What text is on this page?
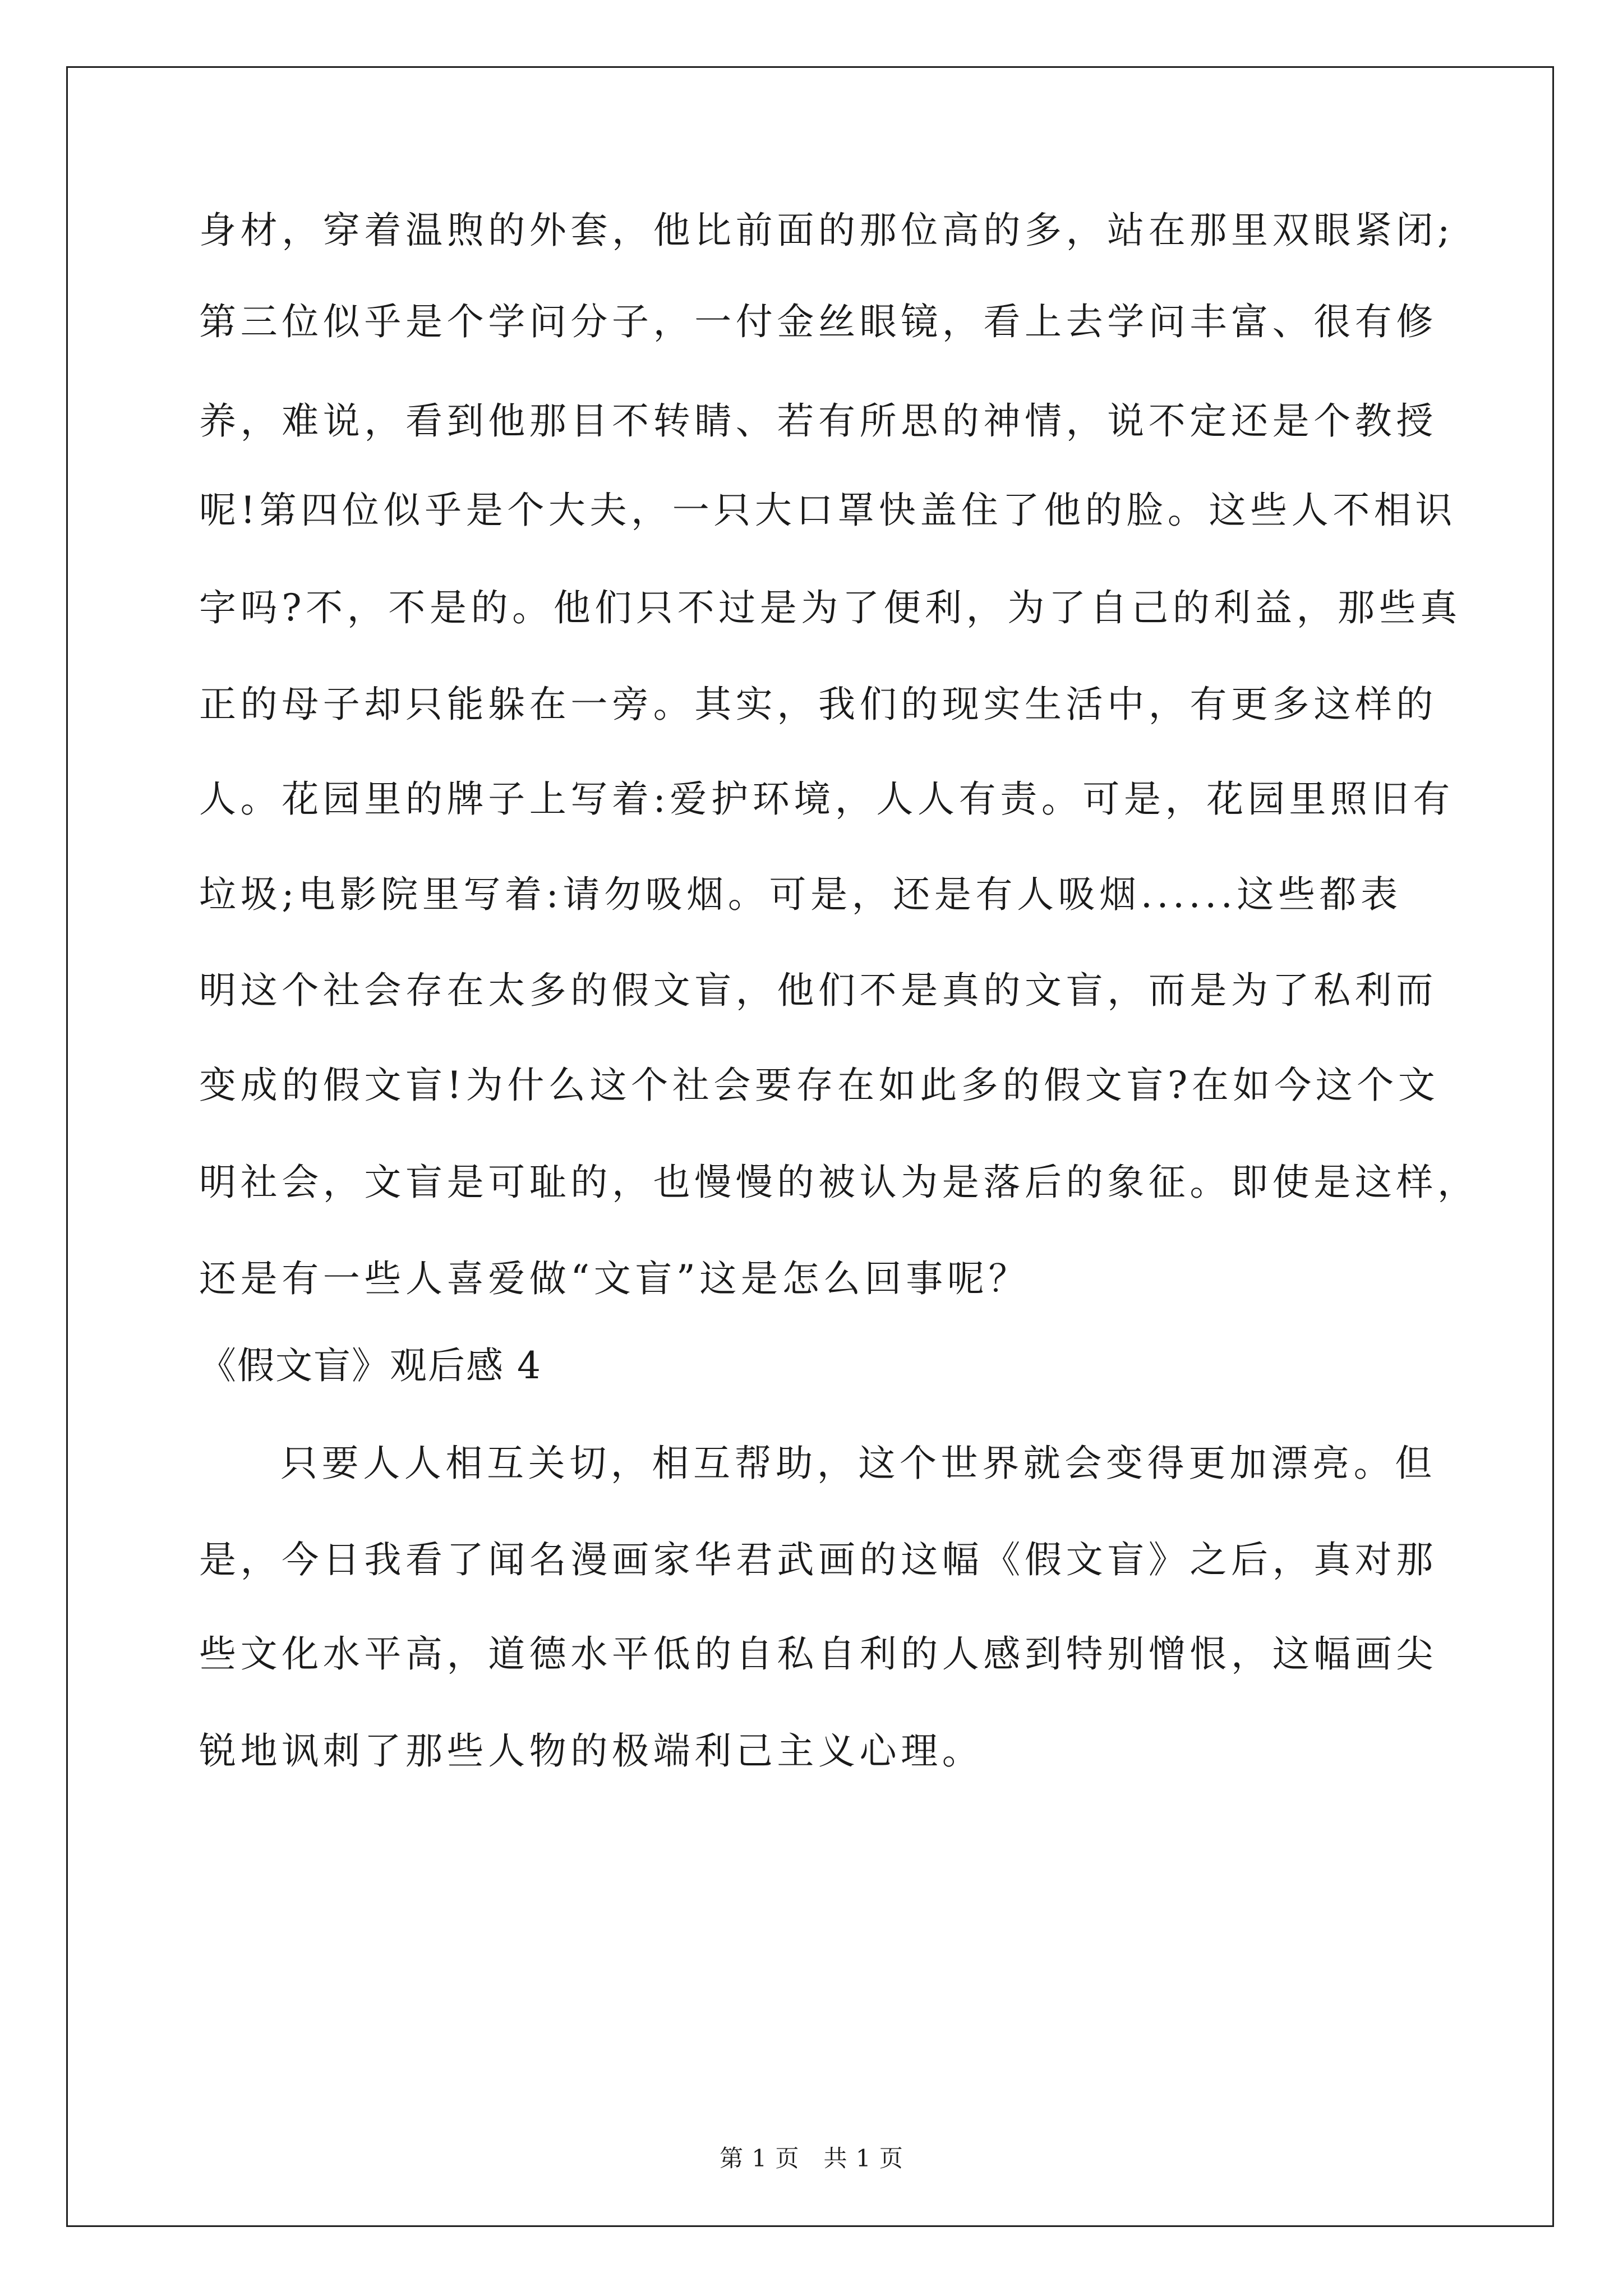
身材，穿着温煦的外套，他比前面的那位高的多，站在那里双眼紧闭;
第三位似乎是个学问分子，一付金丝眼镜，看上去学问丰富、很有修
养，难说，看到他那目不转睛、若有所思的神情，说不定还是个教授
呢!第四位似乎是个大夫，一只大口罩快盖住了他的脸。这些人不相识
字吗?不，不是的。他们只不过是为了便利，为了自己的利益，那些真
正的母子却只能躲在一旁。其实，我们的现实生活中，有更多这样的
人。花园里的牌子上写着:爱护环境，人人有责。可是，花园里照旧有
垃圾;电影院里写着:请勿吸烟。可是，还是有人吸烟......这些都表
明这个社会存在太多的假文盲，他们不是真的文盲，而是为了私利而
变成的假文盲!为什么这个社会要存在如此多的假文盲?在如今这个文
明社会，文盲是可耻的，也慢慢的被认为是落后的象征。即使是这样，
还是有一些人喜爱做“文盲”这是怎么回事呢？
《假文盲》观后感 4
只要人人相互关切，相互帮助，这个世界就会变得更加漂亮。但
是，今日我看了闻名漫画家华君武画的这幅《假文盲》之后，真对那
些文化水平高，道德水平低的自私自利的人感到特别憎恨，这幅画尖
锐地讽刺了那些人物的极端利己主义心理。
第 1 页　共 1 页
